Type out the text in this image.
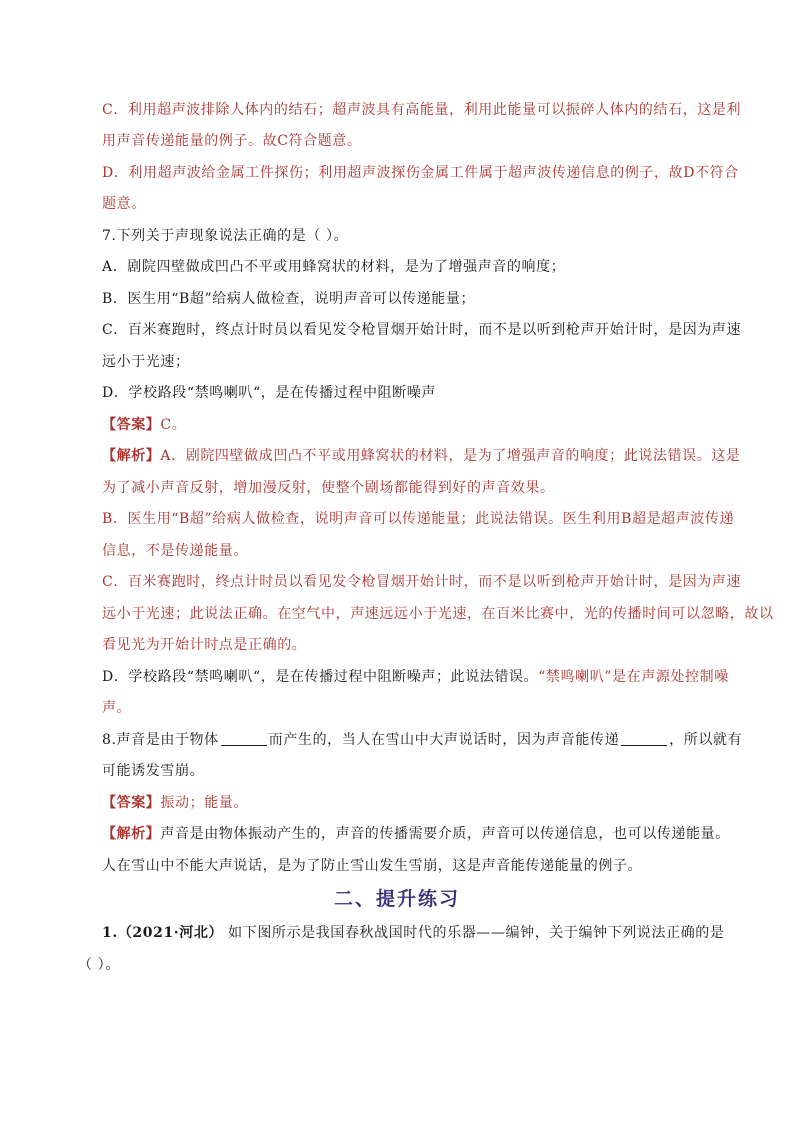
C．利用超声波排除人体内的结石；超声波具有高能量，利用此能量可以振碎人体内的结石，这是利
用声音传递能量的例子。故C符合题意。
D．利用超声波给金属工件探伤；利用超声波探伤金属工件属于超声波传递信息的例子，故D不符合
题意。
7.下列关于声现象说法正确的是（ ）。
A．剧院四壁做成凹凸不平或用蜂窝状的材料，是为了增强声音的响度；
B．医生用“B超”给病人做检查，说明声音可以传递能量；
C．百米赛跑时，终点计时员以看见发令枪冒烟开始计时，而不是以听到枪声开始计时，是因为声速
远小于光速；
D．学校路段“禁鸣喇叭“，是在传播过程中阻断噪声
【答案】C。
【解析】A．剧院四壁做成凹凸不平或用蜂窝状的材料，是为了增强声音的响度；此说法错误。这是
为了减小声音反射，增加漫反射，使整个剧场都能得到好的声音效果。
B．医生用“B超”给病人做检查，说明声音可以传递能量；此说法错误。医生利用B超是超声波传递
信息，不是传递能量。
C．百米赛跑时，终点计时员以看见发令枪冒烟开始计时，而不是以听到枪声开始计时，是因为声速
远小于光速；此说法正确。在空气中，声速远远小于光速，在百米比赛中，光的传播时间可以忽略，故以
看见光为开始计时点是正确的。
D．学校路段“禁鸣喇叭“，是在传播过程中阻断噪声；此说法错误。“禁鸣喇叭”是在声源处控制噪
声。
8.声音是由于物体	而产生的，当人在雪山中大声说话时，因为声音能传递	，所以就有
可能诱发雪崩。
【答案】振动；能量。
【解析】声音是由物体振动产生的，声音的传播需要介质，声音可以传递信息，也可以传递能量。
人在雪山中不能大声说话，是为了防止雪山发生雪崩，这是声音能传递能量的例子。
二、提升练习
1.（2021·河北） 如下图所示是我国春秋战国时代的乐器——编钟，关于编钟下列说法正确的是
（ ）。
